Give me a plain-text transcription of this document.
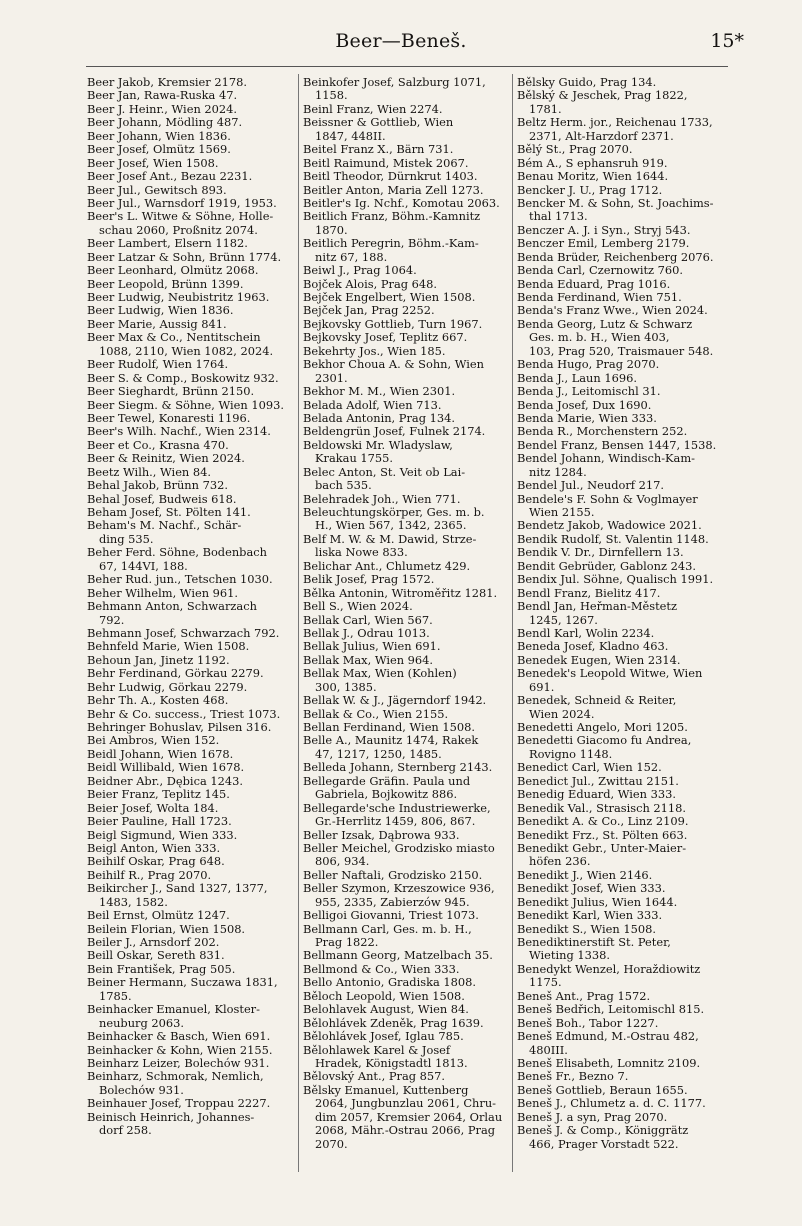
Beer—Beneš.	15*
Beer Jakob, Kremsier 2178.
Beer Jan, Rawa-Ruska 47.
Beer J. Heinr., Wien 2024.
Beer Johann, Mödling 487.
Beer Johann, Wien 1836.
Beer Josef, Olmütz 1569.
Beer Josef, Wien 1508.
Beer Josef Ant., Bezau 2231.
Beer Jul., Gewitsch 893.
Beer Jul., Warnsdorf 1919, 1953.
Beer's L. Witwe & Söhne, Holle-
schau 2060, Proßnitz 2074.
Beer Lambert, Elsern 1182.
Beer Latzar & Sohn, Brünn 1774.
Beer Leonhard, Olmütz 2068.
Beer Leopold, Brünn 1399.
Beer Ludwig, Neubistritz 1963.
Beer Ludwig, Wien 1836.
Beer Marie, Aussig 841.
Beer Max & Co., Nentitschein
1088, 2110, Wien 1082, 2024.
Beer Rudolf, Wien 1764.
Beer S. & Comp., Boskowitz 932.
Beer Sieghardt, Brünn 2150.
Beer Siegm. & Söhne, Wien 1093.
Beer Tewel, Konaresti 1196.
Beer's Wilh. Nachf., Wien 2314.
Beer et Co., Krasna 470.
Beer & Reinitz, Wien 2024.
Beetz Wilh., Wien 84.
Behal Jakob, Brünn 732.
Behal Josef, Budweis 618.
Beham Josef, St. Pölten 141.
Beham's M. Nachf., Schär-
ding 535.
Beher Ferd. Söhne, Bodenbach
67, 144VI, 188.
Beher Rud. jun., Tetschen 1030.
Beher Wilhelm, Wien 961.
Behmann Anton, Schwarzach
792.
Behmann Josef, Schwarzach 792.
Behnfeld Marie, Wien 1508.
Behoun Jan, Jinetz 1192.
Behr Ferdinand, Görkau 2279.
Behr Ludwig, Görkau 2279.
Behr Th. A., Kosten 468.
Behr & Co. success., Triest 1073.
Behringer Bohuslav, Pilsen 316.
Bei Ambros, Wien 152.
Beidl Johann, Wien 1678.
Beidl Willibald, Wien 1678.
Beidner Abr., Dębica 1243.
Beier Franz, Teplitz 145.
Beier Josef, Wolta 184.
Beier Pauline, Hall 1723.
Beigl Sigmund, Wien 333.
Beigl Anton, Wien 333.
Beihilf Oskar, Prag 648.
Beihilf R., Prag 2070.
Beikircher J., Sand 1327, 1377,
1483, 1582.
Beil Ernst, Olmütz 1247.
Beilein Florian, Wien 1508.
Beiler J., Arnsdorf 202.
Beill Oskar, Sereth 831.
Bein František, Prag 505.
Beiner Hermann, Suczawa 1831,
1785.
Beinhacker Emanuel, Kloster-
neuburg 2063.
Beinhacker & Basch, Wien 691.
Beinhacker & Kohn, Wien 2155.
Beinharz Leizer, Bolechów 931.
Beinharz, Schmorak, Nemlich,
Bolechów 931.
Beinhauer Josef, Troppau 2227.
Beinisch Heinrich, Johannes-
dorf 258.
Beinkofer Josef, Salzburg 1071,
1158.
Beinl Franz, Wien 2274.
Beissner & Gottlieb, Wien
1847, 448II.
Beitel Franz X., Bärn 731.
Beitl Raimund, Mistek 2067.
Beitl Theodor, Dürnkrut 1403.
Beitler Anton, Maria Zell 1273.
Beitler's Ig. Nchf., Komotau 2063.
Beitlich Franz, Böhm.-Kamnitz
1870.
Beitlich Peregrin, Böhm.-Kam-
nitz 67, 188.
Beiwl J., Prag 1064.
Bojček Alois, Prag 648.
Bejček Engelbert, Wien 1508.
Bejček Jan, Prag 2252.
Bejkovsky Gottlieb, Turn 1967.
Bejkovsky Josef, Teplitz 667.
Bekehrty Jos., Wien 185.
Bekhor Choua A. & Sohn, Wien
2301.
Bekhor M. M., Wien 2301.
Belada Adolf, Wien 713.
Belada Antonin, Prag 134.
Beldengrün Josef, Fulnek 2174.
Beldowski Mr. Wladyslaw,
Krakau 1755.
Belec Anton, St. Veit ob Lai-
bach 535.
Belehradek Joh., Wien 771.
Beleuchtungskörper, Ges. m. b.
H., Wien 567, 1342, 2365.
Belf M. W. & M. Dawid, Strze-
liska Nowe 833.
Belichar Ant., Chlumetz 429.
Belik Josef, Prag 1572.
Bělka Antonin, Witroměřitz 1281.
Bell S., Wien 2024.
Bellak Carl, Wien 567.
Bellak J., Odrau 1013.
Bellak Julius, Wien 691.
Bellak Max, Wien 964.
Bellak Max, Wien (Kohlen)
300, 1385.
Bellak W. & J., Jägerndorf 1942.
Bellak & Co., Wien 2155.
Bellan Ferdinand, Wien 1508.
Belle A., Maunitz 1474, Rakek
47, 1217, 1250, 1485.
Belleda Johann, Sternberg 2143.
Bellegarde Gräfin. Paula und
Gabriela, Bojkowitz 886.
Bellegarde'sche Industriewerke,
Gr.-Herrlitz 1459, 806, 867.
Beller Izsak, Dąbrowa 933.
Beller Meichel, Grodzisko miasto
806, 934.
Beller Naftali, Grodzisko 2150.
Beller Szymon, Krzeszowice 936,
955, 2335, Zabierzów 945.
Belligoi Giovanni, Triest 1073.
Bellmann Carl, Ges. m. b. H.,
Prag 1822.
Bellmann Georg, Matzelbach 35.
Bellmond & Co., Wien 333.
Bello Antonio, Gradiska 1808.
Běloch Leopold, Wien 1508.
Belohlavek August, Wien 84.
Bělohlávek Zdeněk, Prag 1639.
Bělohlávek Josef, Iglau 785.
Bělohlawek Karel & Josef
Hradek, Königstadtl 1813.
Bělovský Ant., Prag 857.
Bělsky Emanuel, Kuttenberg
2064, Jungbunzlau 2061, Chru-
dim 2057, Kremsier 2064, Orlau
2068, Mähr.-Ostrau 2066, Prag
2070.
Bělsky Guido, Prag 134.
Bělský & Jeschek, Prag 1822,
1781.
Beltz Herm. jor., Reichenau 1733,
2371, Alt-Harzdorf 2371.
Bělý St., Prag 2070.
Bém A., S ephansruh 919.
Benau Moritz, Wien 1644.
Bencker J. U., Prag 1712.
Bencker M. & Sohn, St. Joachims-
thal 1713.
Benczer A. J. i Syn., Stryj 543.
Benczer Emil, Lemberg 2179.
Benda Brüder, Reichenberg 2076.
Benda Carl, Czernowitz 760.
Benda Eduard, Prag 1016.
Benda Ferdinand, Wien 751.
Benda's Franz Wwe., Wien 2024.
Benda Georg, Lutz & Schwarz
Ges. m. b. H., Wien 403,
103, Prag 520, Traismauer 548.
Benda Hugo, Prag 2070.
Benda J., Laun 1696.
Benda J., Leitomischl 31.
Benda Josef, Dux 1690.
Benda Marie, Wien 333.
Benda R., Morchenstern 252.
Bendel Franz, Bensen 1447, 1538.
Bendel Johann, Windisch-Kam-
nitz 1284.
Bendel Jul., Neudorf 217.
Bendele's F. Sohn & Voglmayer
Wien 2155.
Bendetz Jakob, Wadowice 2021.
Bendik Rudolf, St. Valentin 1148.
Bendik V. Dr., Dirnfellern 13.
Bendit Gebrüder, Gablonz 243.
Bendix Jul. Söhne, Qualisch 1991.
Bendl Franz, Bielitz 417.
Bendl Jan, Heřman-Městetz
1245, 1267.
Bendl Karl, Wolin 2234.
Beneda Josef, Kladno 463.
Benedek Eugen, Wien 2314.
Benedek's Leopold Witwe, Wien
691.
Benedek, Schneid & Reiter,
Wien 2024.
Benedetti Angelo, Mori 1205.
Benedetti Giacomo fu Andrea,
Rovigno 1148.
Benedict Carl, Wien 152.
Benedict Jul., Zwittau 2151.
Benedig Eduard, Wien 333.
Benedik Val., Strasisch 2118.
Benedikt A. & Co., Linz 2109.
Benedikt Frz., St. Pölten 663.
Benedikt Gebr., Unter-Maier-
höfen 236.
Benedikt J., Wien 2146.
Benedikt Josef, Wien 333.
Benedikt Julius, Wien 1644.
Benedikt Karl, Wien 333.
Benedikt S., Wien 1508.
Benediktinerstift St. Peter,
Wieting 1338.
Benedykt Wenzel, Horaždiowitz
1175.
Beneš Ant., Prag 1572.
Beneš Bedřich, Leitomischl 815.
Beneš Boh., Tabor 1227.
Beneš Edmund, M.-Ostrau 482,
480III.
Beneš Elisabeth, Lomnitz 2109.
Beneš Fr., Bezno 7.
Beneš Gottlieb, Beraun 1655.
Beneš J., Chlumetz a. d. C. 1177.
Beneš J. a syn, Prag 2070.
Beneš J. & Comp., Königgrätz
466, Prager Vorstadt 522.
